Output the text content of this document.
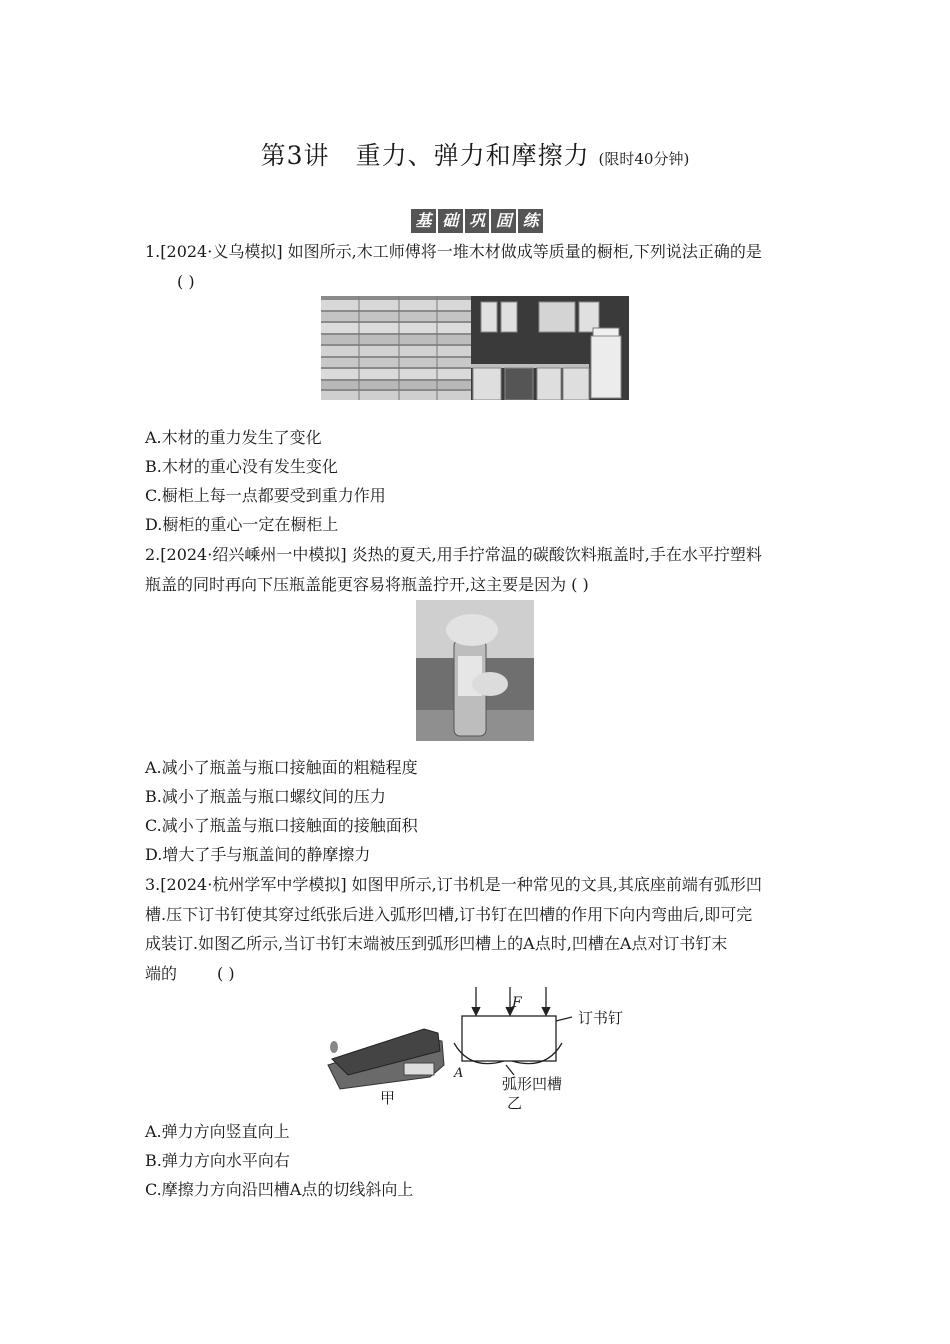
第3讲 重力、弹力和摩擦力 (限时40分钟)
基 础 巩 固 练
1.[2024·义乌模拟] 如图所示,木工师傅将一堆木材做成等质量的橱柜,下列说法正确的是
( )
A.木材的重力发生了变化
B.木材的重心没有发生变化
C.橱柜上每一点都要受到重力作用
D.橱柜的重心一定在橱柜上
2.[2024·绍兴嵊州一中模拟] 炎热的夏天,用手拧常温的碳酸饮料瓶盖时,手在水平拧塑料
瓶盖的同时再向下压瓶盖能更容易将瓶盖拧开,这主要是因为 ( )
A.减小了瓶盖与瓶口接触面的粗糙程度
B.减小了瓶盖与瓶口螺纹间的压力
C.减小了瓶盖与瓶口接触面的接触面积
D.增大了手与瓶盖间的静摩擦力
3.[2024·杭州学军中学模拟] 如图甲所示,订书机是一种常见的文具,其底座前端有弧形凹
槽.压下订书钉使其穿过纸张后进入弧形凹槽,订书钉在凹槽的作用下向内弯曲后,即可完
成装订.如图乙所示,当订书钉末端被压到弧形凹槽上的A点时,凹槽在A点对订书钉末
端的	( )
甲
F
订书钉
A
弧形凹槽
乙
A.弹力方向竖直向上
B.弹力方向水平向右
C.摩擦力方向沿凹槽A点的切线斜向上
